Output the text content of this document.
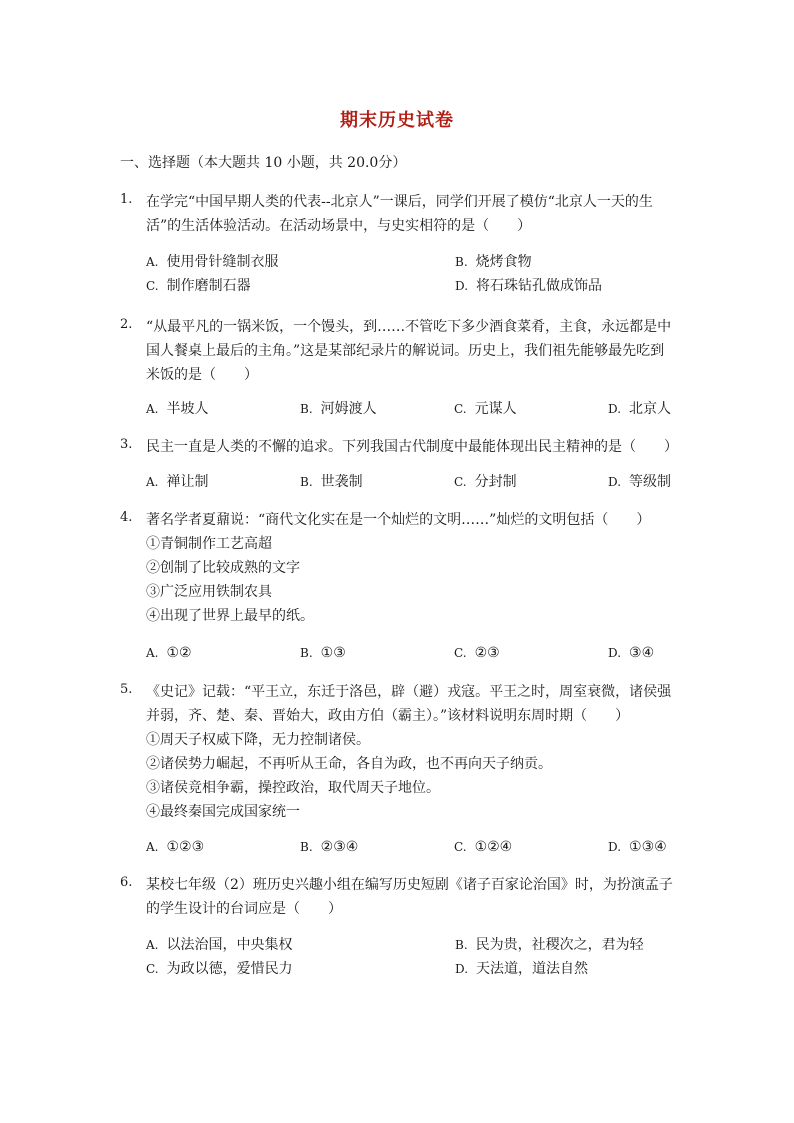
期末历史试卷
一、选择题（本大题共 10 小题，共 20.0分）
1. 在学完“中国早期人类的代表--北京人”一课后，同学们开展了模仿“北京人一天的生
活”的生活体验活动。在活动场景中，与史实相符的是（　　）
A. 使用骨针缝制衣服	B. 烧烤食物
C. 制作磨制石器	D. 将石珠钻孔做成饰品
2. “从最平凡的一锅米饭，一个馒头，到……不管吃下多少酒食菜肴，主食，永远都是中
国人餐桌上最后的主角。”这是某部纪录片的解说词。历史上，我们祖先能够最先吃到
米饭的是（　　）
A. 半坡人	B. 河姆渡人	C. 元谋人	D. 北京人
3. 民主一直是人类的不懈的追求。下列我国古代制度中最能体现出民主精神的是（　　）
A. 禅让制	B. 世袭制	C. 分封制	D. 等级制
4. 著名学者夏鼐说：“商代文化实在是一个灿烂的文明……”灿烂的文明包括（　　）
①青铜制作工艺高超
②创制了比较成熟的文字
③广泛应用铁制农具
④出现了世界上最早的纸。
A. ①②	B. ①③	C. ②③	D. ③④
5. 《史记》记载：“平王立，东迁于洛邑，辟（避）戎寇。平王之时，周室衰微，诸侯强
并弱，齐、楚、秦、晋始大，政由方伯（霸主）。”该材料说明东周时期（　　）
①周天子权威下降，无力控制诸侯。
②诸侯势力崛起，不再听从王命，各自为政，也不再向天子纳贡。
③诸侯竞相争霸，操控政治，取代周天子地位。
④最终秦国完成国家统一
A. ①②③	B. ②③④	C. ①②④	D. ①③④
6. 某校七年级（2）班历史兴趣小组在编写历史短剧《诸子百家论治国》时，为扮演孟子
的学生设计的台词应是（　　）
A. 以法治国，中央集权	B. 民为贵，社稷次之，君为轻
C. 为政以德，爱惜民力	D. 天法道，道法自然
